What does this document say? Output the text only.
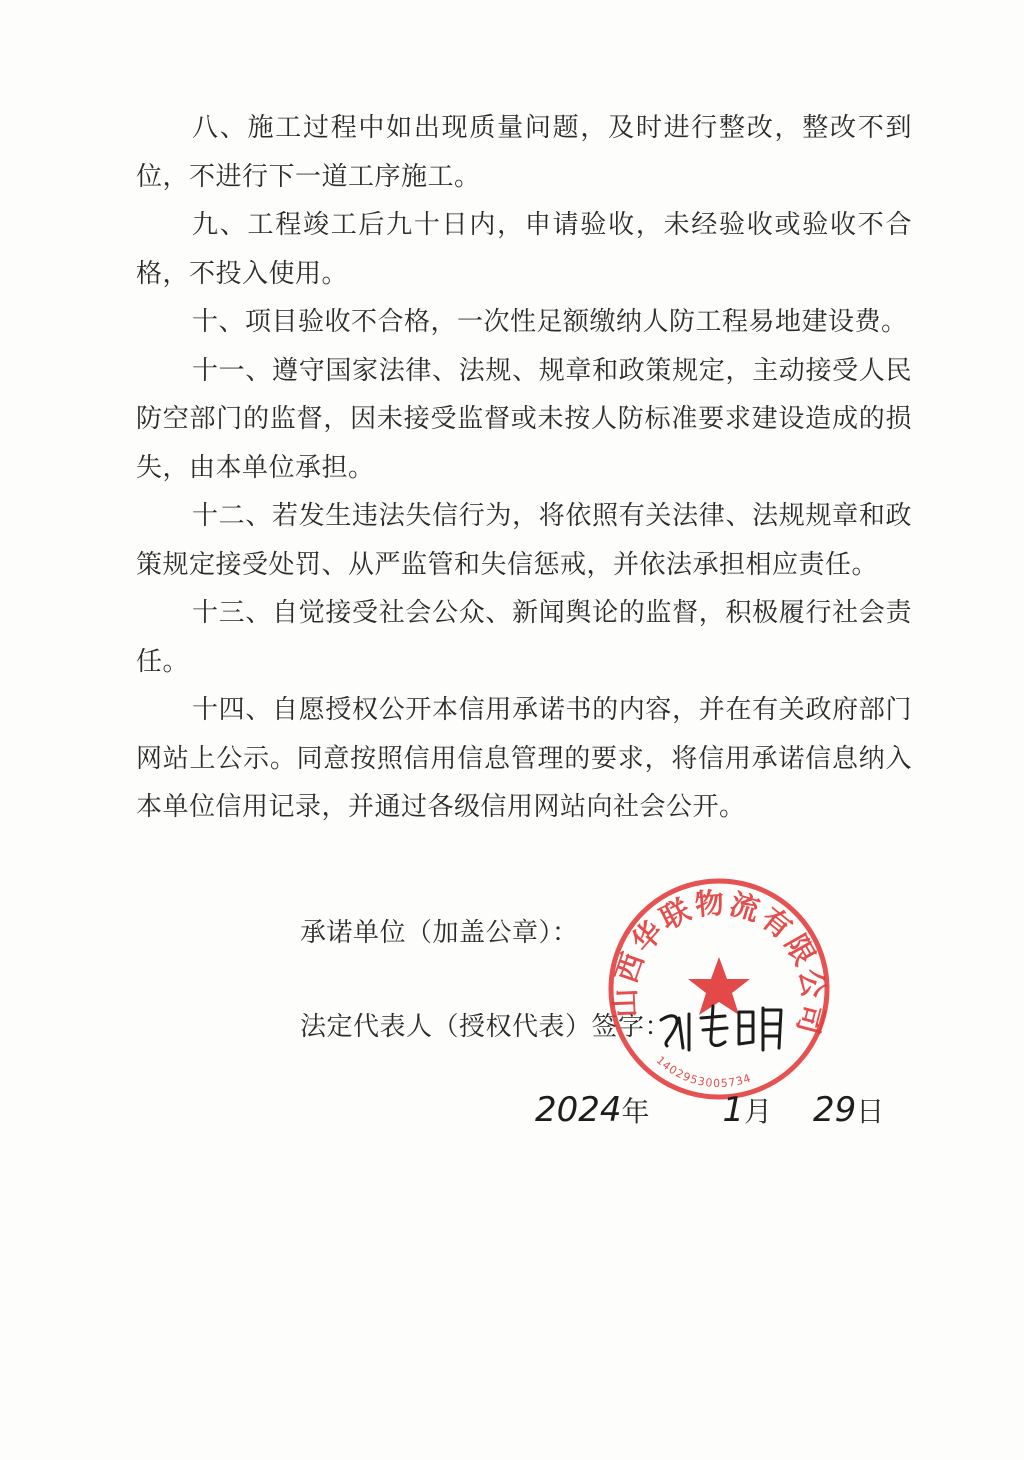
八、施工过程中如出现质量问题，及时进行整改，整改不到位，不进行下一道工序施工。

九、工程竣工后九十日内，申请验收，未经验收或验收不合格，不投入使用。

十、项目验收不合格，一次性足额缴纳人防工程易地建设费。

十一、遵守国家法律、法规、规章和政策规定，主动接受人民防空部门的监督，因未接受监督或未按人防标准要求建设造成的损失，由本单位承担。

十二、若发生违法失信行为，将依照有关法律、法规规章和政策规定接受处罚、从严监管和失信惩戒，并依法承担相应责任。

十三、自觉接受社会公众、新闻舆论的监督，积极履行社会责任。

十四、自愿授权公开本信用承诺书的内容，并在有关政府部门网站上公示。同意按照信用信息管理的要求，将信用承诺信息纳入本单位信用记录，并通过各级信用网站向社会公开。

承诺单位（加盖公章）：
法定代表人（授权代表）签字：
山西华联物流有限公司
1402953005734
2024年 1月 29日
